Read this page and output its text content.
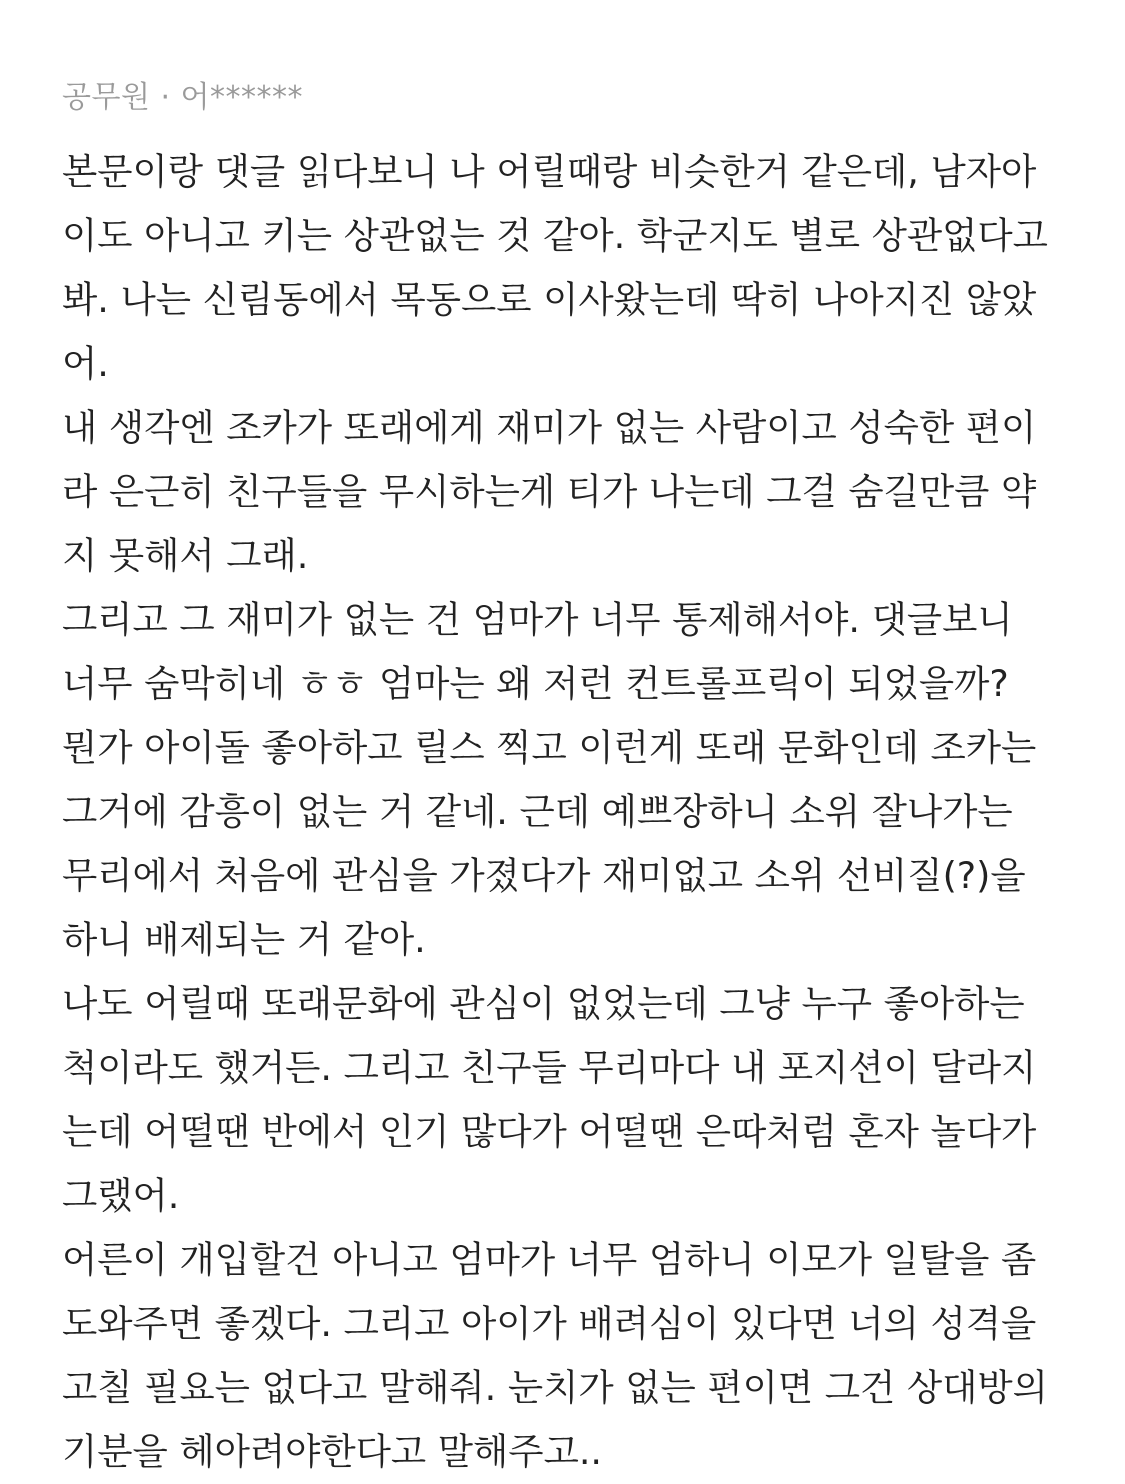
공무원 · 어******
본문이랑 댓글 읽다보니 나 어릴때랑 비슷한거 같은데, 남자아
이도 아니고 키는 상관없는 것 같아. 학군지도 별로 상관없다고
봐. 나는 신림동에서 목동으로 이사왔는데 딱히 나아지진 않았
어.
내 생각엔 조카가 또래에게 재미가 없는 사람이고 성숙한 편이
라 은근히 친구들을 무시하는게 티가 나는데 그걸 숨길만큼 약
지 못해서 그래.
그리고 그 재미가 없는 건 엄마가 너무 통제해서야. 댓글보니
너무 숨막히네 ㅎㅎ 엄마는 왜 저런 컨트롤프릭이 되었을까?
뭔가 아이돌 좋아하고 릴스 찍고 이런게 또래 문화인데 조카는
그거에 감흥이 없는 거 같네. 근데 예쁘장하니 소위 잘나가는
무리에서 처음에 관심을 가졌다가 재미없고 소위 선비질(?)을
하니 배제되는 거 같아.
나도 어릴때 또래문화에 관심이 없었는데 그냥 누구 좋아하는
척이라도 했거든. 그리고 친구들 무리마다 내 포지션이 달라지
는데 어떨땐 반에서 인기 많다가 어떨땐 은따처럼 혼자 놀다가
그랬어.
어른이 개입할건 아니고 엄마가 너무 엄하니 이모가 일탈을 좀
도와주면 좋겠다. 그리고 아이가 배려심이 있다면 너의 성격을
고칠 필요는 없다고 말해줘. 눈치가 없는 편이면 그건 상대방의
기분을 헤아려야한다고 말해주고..
